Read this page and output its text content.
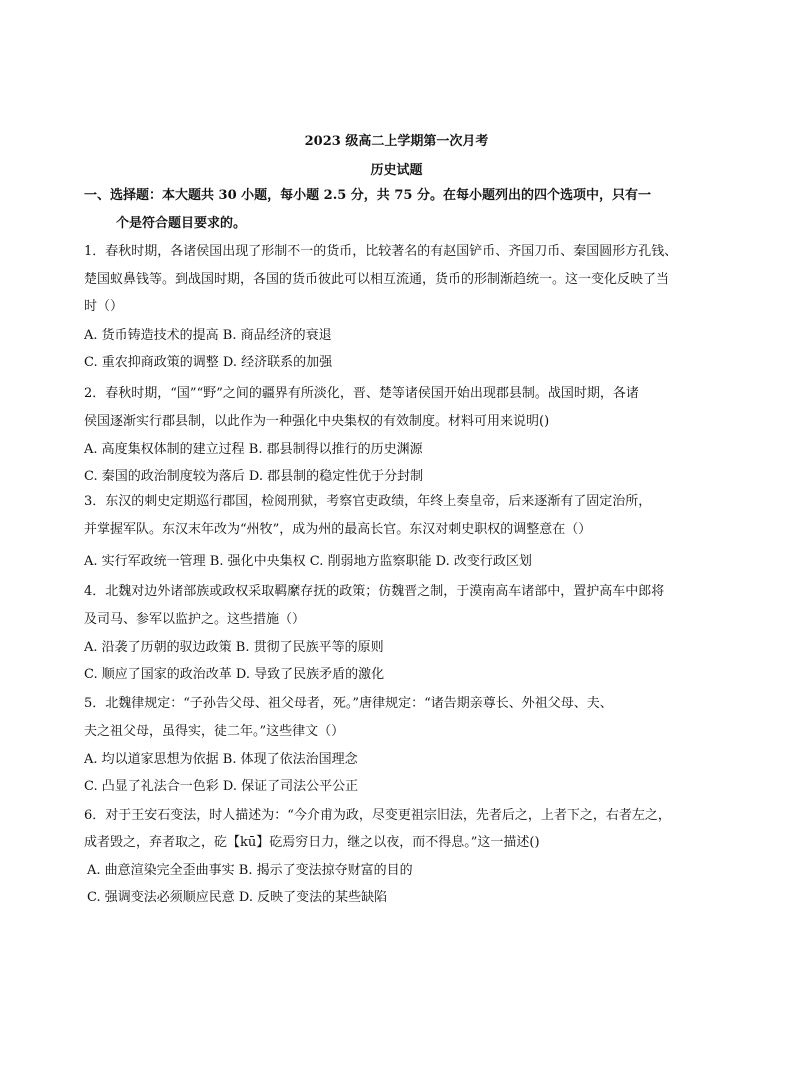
2023 级高二上学期第一次月考
历史试题
一、选择题：本大题共 30 小题，每小题 2.5 分，共 75 分。在每小题列出的四个选项中，只有一
个是符合题目要求的。
1．春秋时期，各诸侯国出现了形制不一的货币，比较著名的有赵国铲币、齐国刀币、秦国圆形方孔钱、
楚国蚁鼻钱等。到战国时期，各国的货币彼此可以相互流通，货币的形制渐趋统一。这一变化反映了当
时（）
A. 货币铸造技术的提高 B. 商品经济的衰退
C. 重农抑商政策的调整 D. 经济联系的加强
2．春秋时期，“国”“野”之间的疆界有所淡化，晋、楚等诸侯国开始出现郡县制。战国时期，各诸
侯国逐渐实行郡县制，以此作为一种强化中央集权的有效制度。材料可用来说明()
A. 高度集权体制的建立过程 B. 郡县制得以推行的历史渊源
C. 秦国的政治制度较为落后 D. 郡县制的稳定性优于分封制
3．东汉的刺史定期巡行郡国，检阅刑狱，考察官吏政绩，年终上奏皇帝，后来逐渐有了固定治所，
并掌握军队。东汉末年改为“州牧”，成为州的最高长官。东汉对刺史职权的调整意在（）
A. 实行军政统一管理 B. 强化中央集权 C. 削弱地方监察职能 D. 改变行政区划
4．北魏对边外诸部族或政权采取羁縻存抚的政策；仿魏晋之制，于漠南高车诸部中，置护高车中郎将
及司马、参军以监护之。这些措施（）
A. 沿袭了历朝的驭边政策 B. 贯彻了民族平等的原则
C. 顺应了国家的政治改革 D. 导致了民族矛盾的激化
5．北魏律规定：“子孙告父母、祖父母者，死。”唐律规定：“诸告期亲尊长、外祖父母、夫、
夫之祖父母，虽得实，徒二年。”这些律文（）
A. 均以道家思想为依据 B. 体现了依法治国理念
C. 凸显了礼法合一色彩 D. 保证了司法公平公正
6．对于王安石变法，时人描述为：“今介甫为政，尽变更祖宗旧法，先者后之，上者下之，右者左之，
成者毁之，弃者取之，矻【kū】矻焉穷日力，继之以夜，而不得息。”这一描述()
A. 曲意渲染完全歪曲事实 B. 揭示了变法掠夺财富的目的
C. 强调变法必须顺应民意 D. 反映了变法的某些缺陷
